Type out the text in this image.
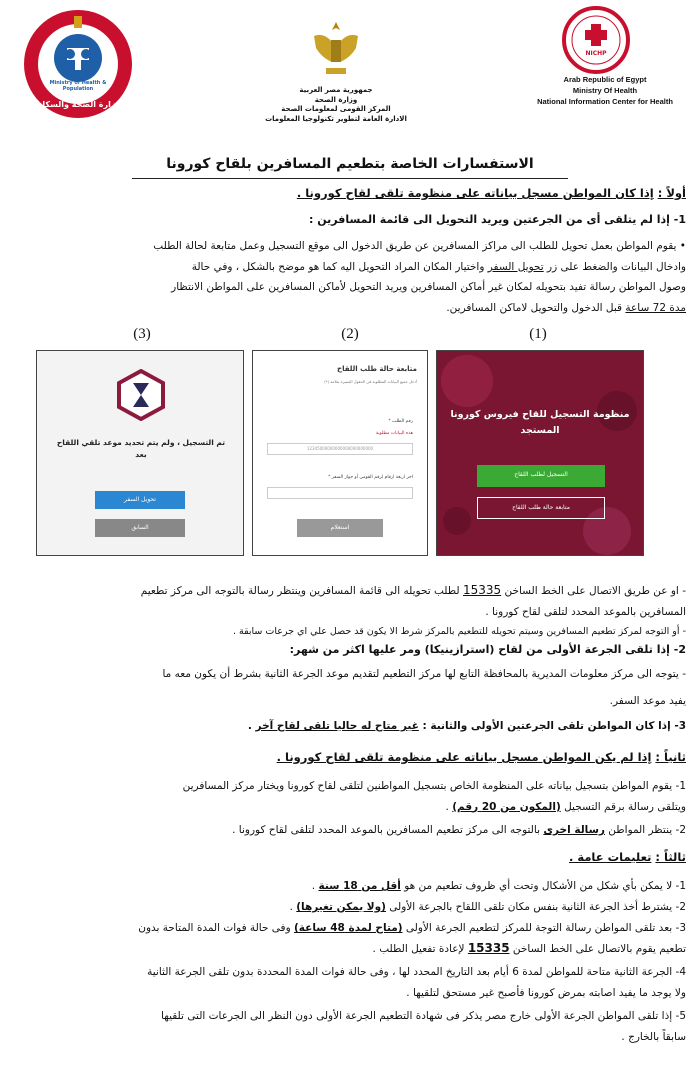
Ministry of Health & Population
وزارة الصحة والسكان
جمهورية مصر العربية
وزارة الصحة
المركز القومى لمعلومات الصحة
الادارة العامة لتطوير تكنولوجيا المعلومات
NICHP
Arab Republic of Egypt
Ministry Of Health
National Information Center for Health
الاستفسارات الخاصة بتطعيم المسافرين بلقاح كورونا
أولاً : إذا كان المواطن مسجل بياناته على منظومة تلقى لقاح كورونا .
1- إذا لم يتلقى أى من الجرعتين ويريد التحويل الى قائمة المسافرين :
• يقوم المواطن بعمل تحويل للطلب الى مراكز المسافرين عن طريق الدخول الى موقع التسجيل وعمل متابعة لحالة الطلب
وادخال البيانات والضغط على زر تحويل السفر واختيار المكان المراد التحويل اليه كما هو موضح بالشكل ، وفي حالة
وصول المواطن رسالة تفيد بتحويله لمكان غير أماكن المسافرين ويريد التحويل لأماكن المسافرين على المواطن الانتظار
مدة 72 ساعة قبل الدخول والتحويل لاماكن المسافرين.
(3)	(2)	(1)
منظومة التسجيل للقاح فيروس كورونا
المستجد
التسجيل لطلب اللقاح
متابعة حالة طلب اللقاح
متابعة حالة طلب اللقاح
أدخل جميع البيانات المطلوبة في الحقول المميزة بعلامة (*)
رقم الطلب *
هذه البيانات مطلوبة
12345000000000000000000000
اخر اربعة ارقام لرقم القومي أو جواز السفر *
استعلام
تم التسجيل ، ولم يتم تحديد موعد تلقي اللقاح
بعد
تحويل السفر
السابق
- او عن طريق الاتصال على الخط الساخن 15335 لطلب تحويله الى قائمة المسافرين وينتظر رسالة بالتوجه الى مركز تطعيم
المسافرين بالموعد المحدد لتلقى لقاح كورونا .
- أو التوجه لمركز تطعيم المسافرين وسيتم تحويله للتطعيم بالمركز شرط الا يكون قد حصل علي اي جرعات سابقة .
2- إذا تلقى الجرعة الأولى من لقاح (استرازينيكا) ومر عليها اكثر من شهر:
- يتوجه الى مركز معلومات المديرية بالمحافظة التابع لها مركز التطعيم لتقديم موعد الجرعة الثانية بشرط أن يكون معه ما
يفيد موعد السفر.
3- إذا كان المواطن تلقى الجرعتين الأولى والثانية : غير متاح له حاليا تلقى لقاح آخر .
ثانياً : إذا لم يكن المواطن مسجل بياناته على منظومة تلقى لقاح كورونا .
1- يقوم المواطن بتسجيل بياناته على المنظومة الخاص بتسجيل المواطنين لتلقى لقاح كورونا ويختار مركز المسافرين
ويتلقى رسالة برقم التسجيل (المكون من 20 رقم) .
2- ينتظر المواطن رسالة اخرى بالتوجه الى مركز تطعيم المسافرين بالموعد المحدد لتلقى لقاح كورونا .
ثالثاً : تعليمات عامة .
1- لا يمكن بأي شكل من الأشكال وتحت أي ظروف تطعيم من هو أقل من 18 سنة .
2- يشترط أخذ الجرعة الثانية بنفس مكان تلقى اللقاح بالجرعة الأولى (ولا يمكن تغيرها) .
3- بعد تلقى المواطن رسالة التوجة للمركز لتطعيم الجرعة الأولى (متاح لمدة 48 ساعة) وفى حالة فوات المدة المتاحة بدون
تطعيم يقوم بالاتصال على الخط الساخن 15335 لإعادة تفعيل الطلب .
4- الجرعة الثانية متاحة للمواطن لمدة 6 أيام بعد التاريخ المحدد لها ، وفى حالة فوات المدة المحددة بدون تلقى الجرعة الثانية
ولا يوجد ما يفيد اصابته بمرض كورونا فأصبح غير مستحق لتلقيها .
5- إذا تلقى المواطن الجرعة الأولى خارج مصر يذكر فى شهادة التطعيم الجرعة الأولى دون النظر الى الجرعات التى تلقيها
سابقاً بالخارج .
